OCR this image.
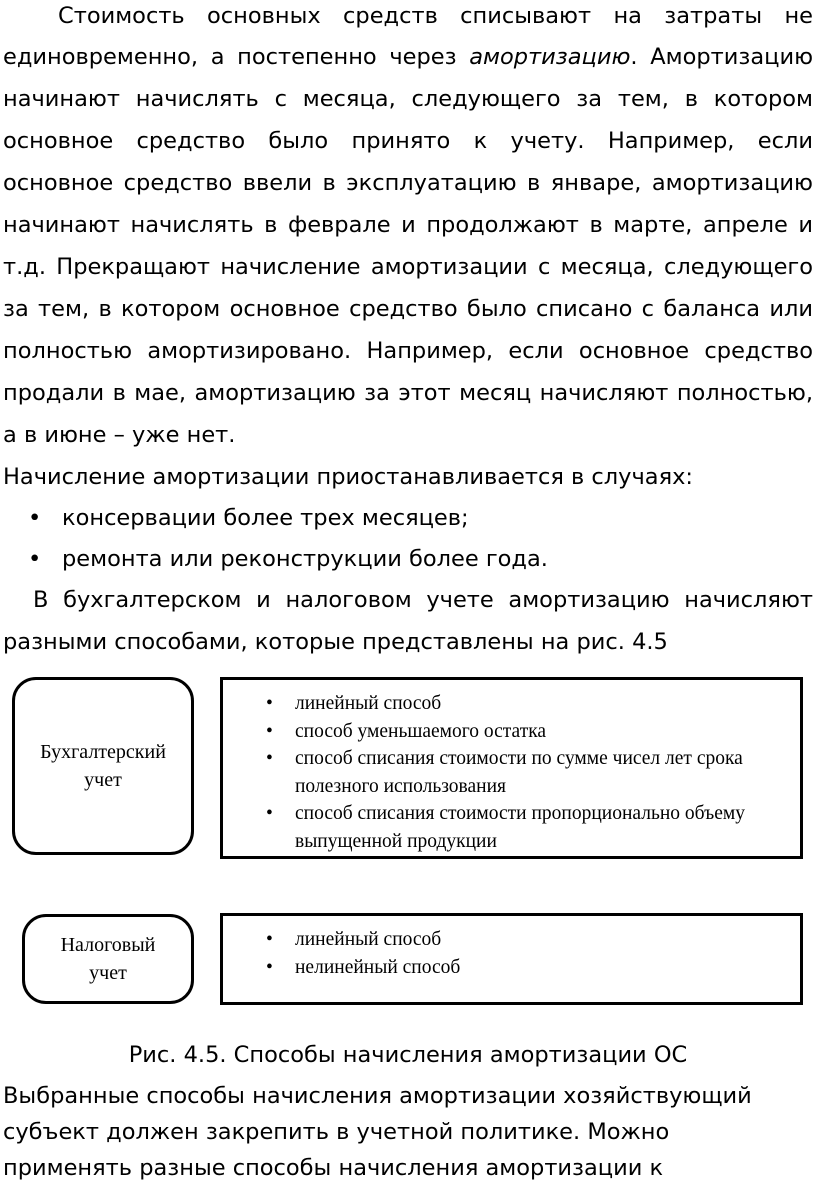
Стоимость основных средств списывают на затраты не

единовременно, а постепенно через амортизацию. Амортизацию

начинают начислять с месяца, следующего за тем, в котором

основное средство было принято к учету. Например, если

основное средство ввели в эксплуатацию в январе, амортизацию

начинают начислять в феврале и продолжают в марте, апреле и

т.д. Прекращают начисление амортизации с месяца, следующего

за тем, в котором основное средство было списано с баланса или

полностью амортизировано. Например, если основное средство

продали в мае, амортизацию за этот месяц начисляют полностью,

а в июне – уже нет.

Начисление амортизации приостанавливается в случаях:

• консервации более трех месяцев;
• ремонта или реконструкции более года.

В бухгалтерском и налоговом учете амортизацию начисляют

разными способами, которые представлены на рис. 4.5

Бухгалтерский
учет
• линейный способ
• способ уменьшаемого остатка
• способ списания стоимости по сумме чисел лет срока полезного использования
• способ списания стоимости пропорционально объему выпущенной продукции
Налоговый
учет
• линейный способ
• нелинейный способ

Рис. 4.5. Способы начисления амортизации ОС

Выбранные способы начисления амортизации хозяйствующий

субъект должен закрепить в учетной политике. Можно

применять разные способы начисления амортизации к
